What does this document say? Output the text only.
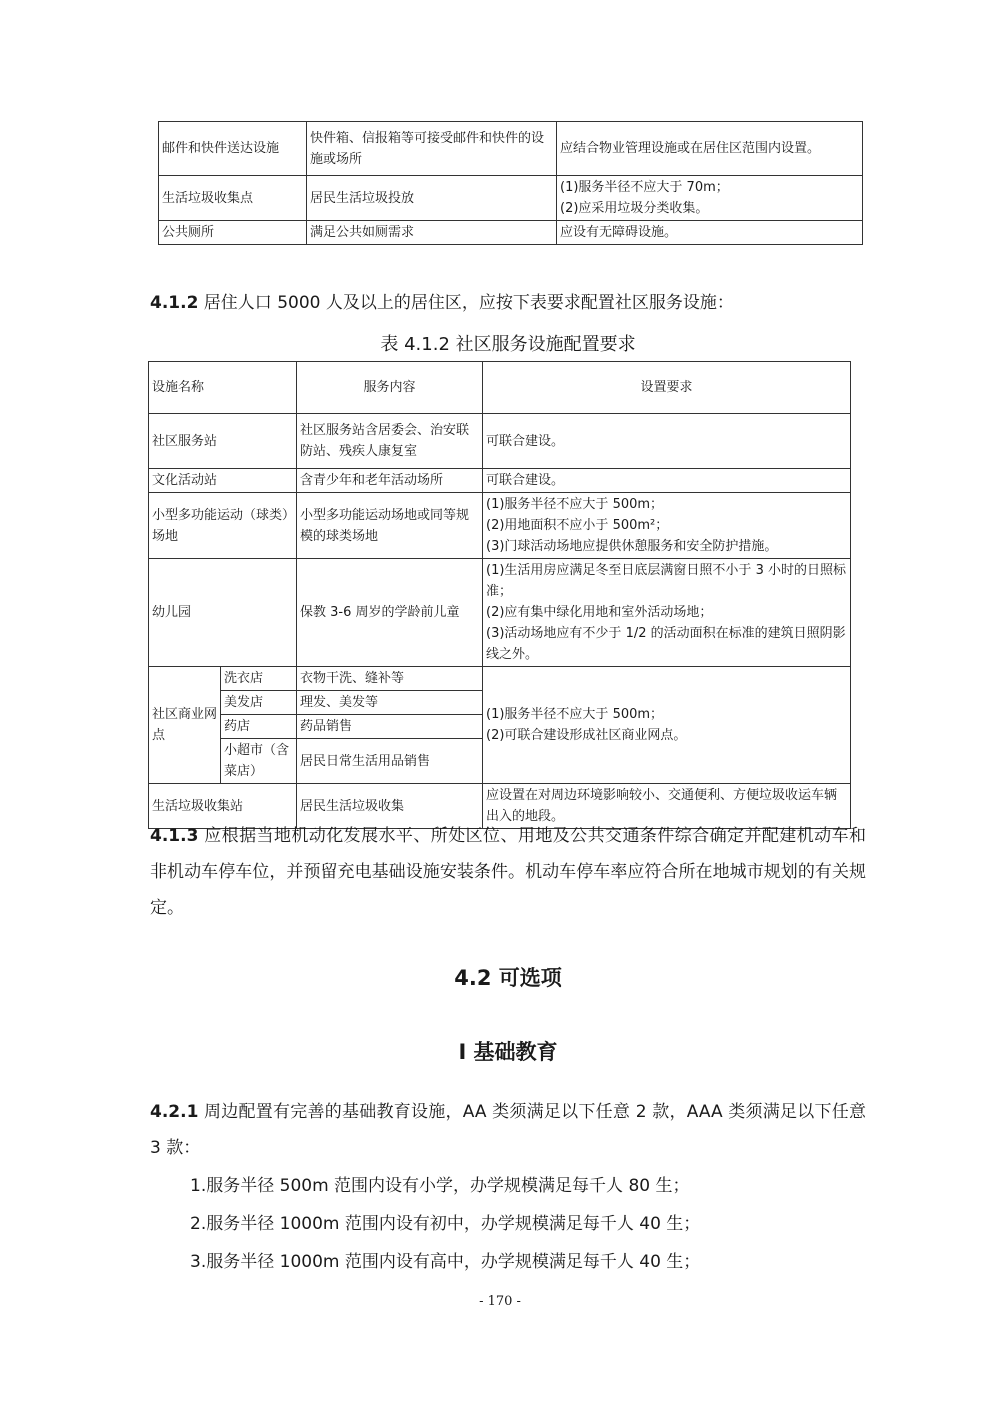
邮件和快件送达设施	快件箱、信报箱等可接受邮件和快件的设施或场所	应结合物业管理设施或在居住区范围内设置。
生活垃圾收集点	居民生活垃圾投放	(1)服务半径不应大于 70m；
(2)应采用垃圾分类收集。

公共厕所	满足公共如厕需求	应设有无障碍设施。

4.1.2 居住人口 5000 人及以上的居住区，应按下表要求配置社区服务设施：

表 4.1.2 社区服务设施配置要求

设施名称		服务内容	设置要求
社区服务站		社区服务站含居委会、治安联防站、残疾人康复室	可联合建设。
文化活动站		含青少年和老年活动场所	可联合建设。
小型多功能运动（球类）场地		小型多功能运动场地或同等规模的球类场地	(1)服务半径不应大于 500m；
(2)用地面积不应小于 500m²；
(3)门球活动场地应提供休憩服务和安全防护措施。

幼儿园		保教 3-6 周岁的学龄前儿童	(1)生活用房应满足冬至日底层满窗日照不小于 3 小时的日照标准；
(2)应有集中绿化用地和室外活动场地；
(3)活动场地应有不少于 1/2 的活动面积在标准的建筑日照阴影线之外。

社区商业网点	洗衣店	衣物干洗、缝补等	(1)服务半径不应大于 500m；
(2)可联合建设形成社区商业网点。

	美发店	理发、美发等	
	药店	药品销售	
	小超市（含菜店）	居民日常生活用品销售	
生活垃圾收集站		居民生活垃圾收集	应设置在对周边环境影响较小、交通便利、方便垃圾收运车辆出入的地段。

4.1.3 应根据当地机动化发展水平、所处区位、用地及公共交通条件综合确定并配建机动车和非机动车停车位，并预留充电基础设施安装条件。机动车停车率应符合所在地城市规划的有关规定。

4.2 可选项
I 基础教育

4.2.1 周边配置有完善的基础教育设施，AA 类须满足以下任意 2 款，AAA 类须满足以下任意 3 款：

1.服务半径 500m 范围内设有小学，办学规模满足每千人 80 生；

2.服务半径 1000m 范围内设有初中，办学规模满足每千人 40 生；

3.服务半径 1000m 范围内设有高中，办学规模满足每千人 40 生；

- 170 -
